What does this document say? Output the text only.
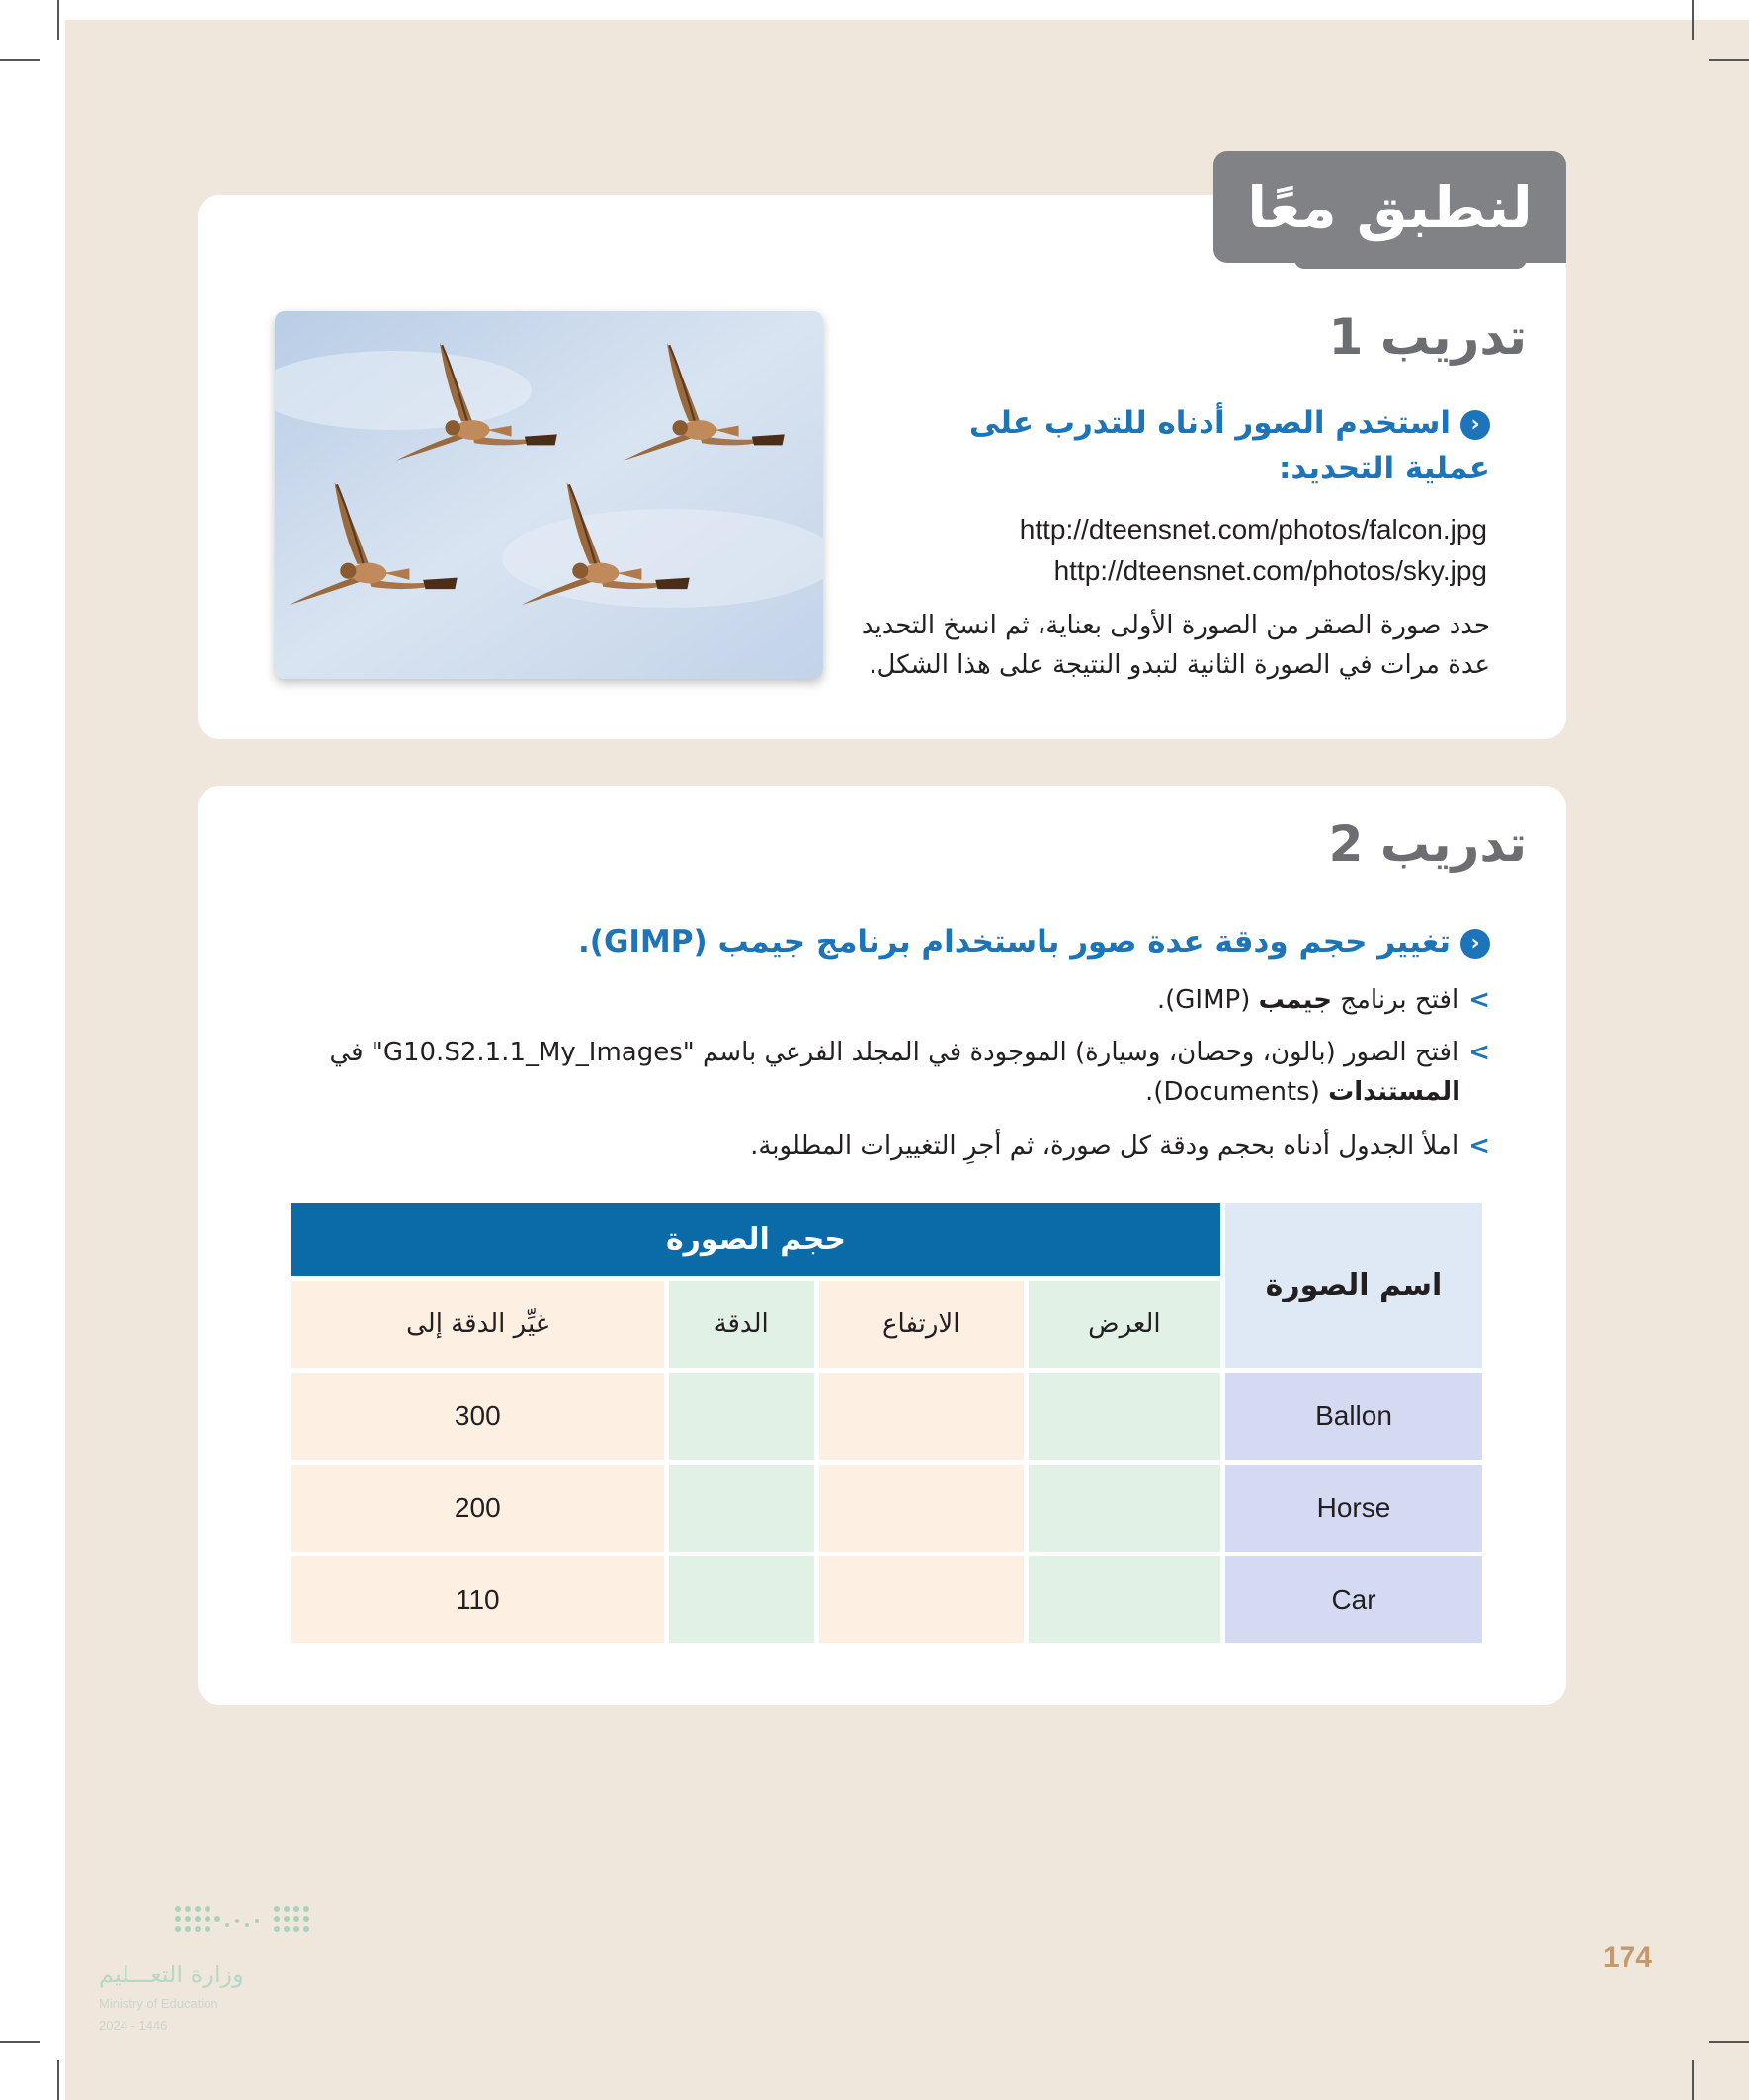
لنطبق معًا
تدريب 1
‹استخدم الصور أدناه للتدرب على عملية التحديد:
http://dteensnet.com/photos/falcon.jpg
http://dteensnet.com/photos/sky.jpg
حدد صورة الصقر من الصورة الأولى بعناية، ثم انسخ التحديد
عدة مرات في الصورة الثانية لتبدو النتيجة على هذا الشكل.
تدريب 2
‹تغيير حجم ودقة عدة صور باستخدام برنامج جيمب (GIMP).
>افتح برنامج جيمب (GIMP).
>افتح الصور (بالون، وحصان، وسيارة) الموجودة في المجلد الفرعي باسم "G10.S2.1.1_My_Images" في
المستندات (Documents).
>املأ الجدول أدناه بحجم ودقة كل صورة، ثم أجرِ التغييرات المطلوبة.
اسم الصورة	حجم الصورة			
	العرض	الارتفاع	الدقة	غيِّر الدقة إلى
Ballon				300
Horse				200
Car				110
174
وزارة التعـــليم
Ministry of Education
2024 - 1446
